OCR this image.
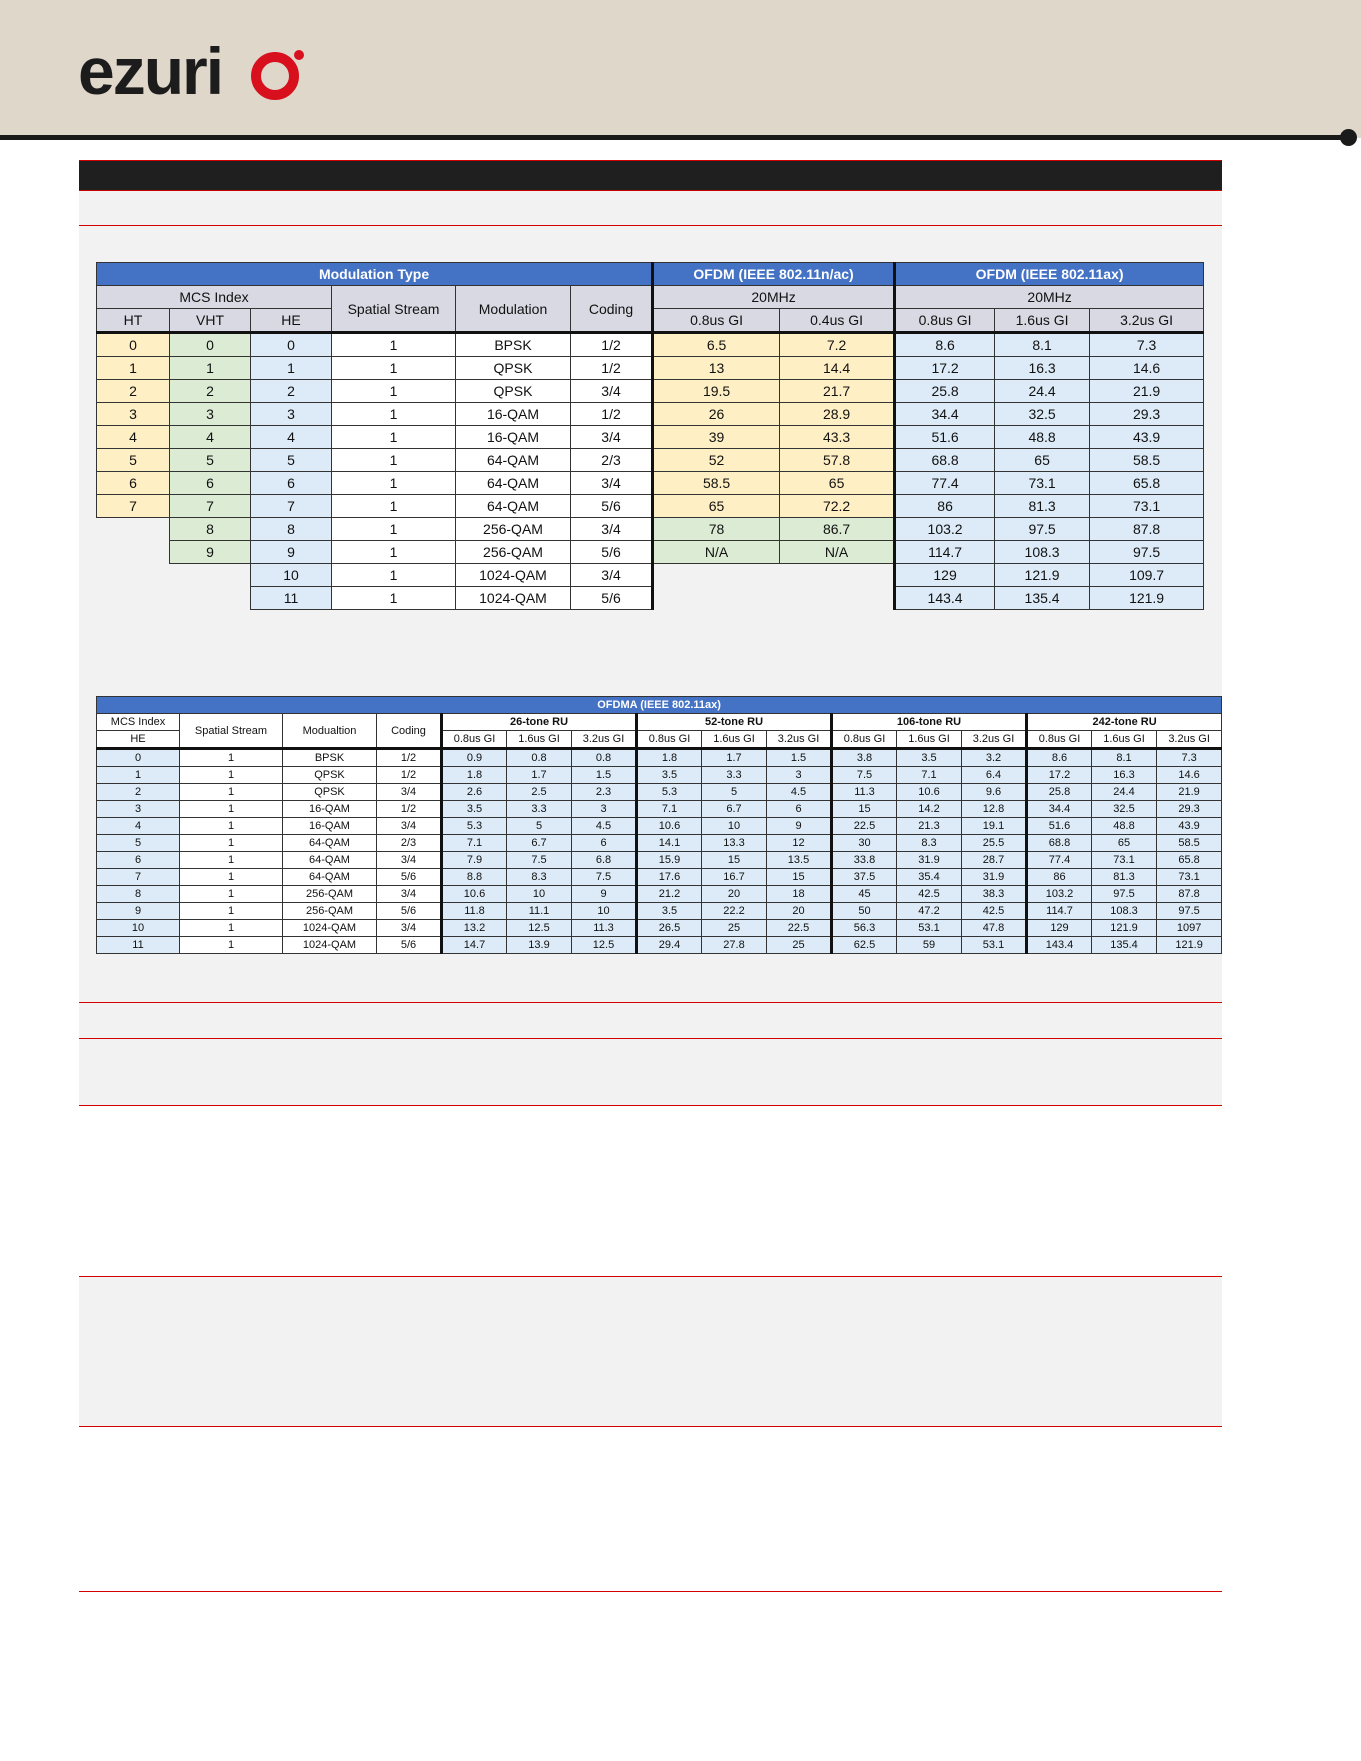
ezuri
Modulation Type						OFDM (IEEE 802.11n/ac)		OFDM (IEEE 802.11ax)		
MCS Index			Spatial Stream	Modulation	Coding	20MHz		20MHz		
HT	VHT	HE				0.8us GI	0.4us GI	0.8us GI	1.6us GI	3.2us GI
0	0	0	1	BPSK	1/2	6.5	7.2	8.6	8.1	7.3
1	1	1	1	QPSK	1/2	13	14.4	17.2	16.3	14.6
2	2	2	1	QPSK	3/4	19.5	21.7	25.8	24.4	21.9
3	3	3	1	16-QAM	1/2	26	28.9	34.4	32.5	29.3
4	4	4	1	16-QAM	3/4	39	43.3	51.6	48.8	43.9
5	5	5	1	64-QAM	2/3	52	57.8	68.8	65	58.5
6	6	6	1	64-QAM	3/4	58.5	65	77.4	73.1	65.8
7	7	7	1	64-QAM	5/6	65	72.2	86	81.3	73.1
	8	8	1	256-QAM	3/4	78	86.7	103.2	97.5	87.8
	9	9	1	256-QAM	5/6	N/A	N/A	114.7	108.3	97.5
		10	1	1024-QAM	3/4			129	121.9	109.7
		11	1	1024-QAM	5/6			143.4	135.4	121.9
OFDMA (IEEE 802.11ax)															
MCS Index	Spatial Stream	Modualtion	Coding	26-tone RU			52-tone RU			106-tone RU			242-tone RU		
HE				0.8us GI	1.6us GI	3.2us GI	0.8us GI	1.6us GI	3.2us GI	0.8us GI	1.6us GI	3.2us GI	0.8us GI	1.6us GI	3.2us GI
0	1	BPSK	1/2	0.9	0.8	0.8	1.8	1.7	1.5	3.8	3.5	3.2	8.6	8.1	7.3
1	1	QPSK	1/2	1.8	1.7	1.5	3.5	3.3	3	7.5	7.1	6.4	17.2	16.3	14.6
2	1	QPSK	3/4	2.6	2.5	2.3	5.3	5	4.5	11.3	10.6	9.6	25.8	24.4	21.9
3	1	16-QAM	1/2	3.5	3.3	3	7.1	6.7	6	15	14.2	12.8	34.4	32.5	29.3
4	1	16-QAM	3/4	5.3	5	4.5	10.6	10	9	22.5	21.3	19.1	51.6	48.8	43.9
5	1	64-QAM	2/3	7.1	6.7	6	14.1	13.3	12	30	8.3	25.5	68.8	65	58.5
6	1	64-QAM	3/4	7.9	7.5	6.8	15.9	15	13.5	33.8	31.9	28.7	77.4	73.1	65.8
7	1	64-QAM	5/6	8.8	8.3	7.5	17.6	16.7	15	37.5	35.4	31.9	86	81.3	73.1
8	1	256-QAM	3/4	10.6	10	9	21.2	20	18	45	42.5	38.3	103.2	97.5	87.8
9	1	256-QAM	5/6	11.8	11.1	10	3.5	22.2	20	50	47.2	42.5	114.7	108.3	97.5
10	1	1024-QAM	3/4	13.2	12.5	11.3	26.5	25	22.5	56.3	53.1	47.8	129	121.9	1097
11	1	1024-QAM	5/6	14.7	13.9	12.5	29.4	27.8	25	62.5	59	53.1	143.4	135.4	121.9
